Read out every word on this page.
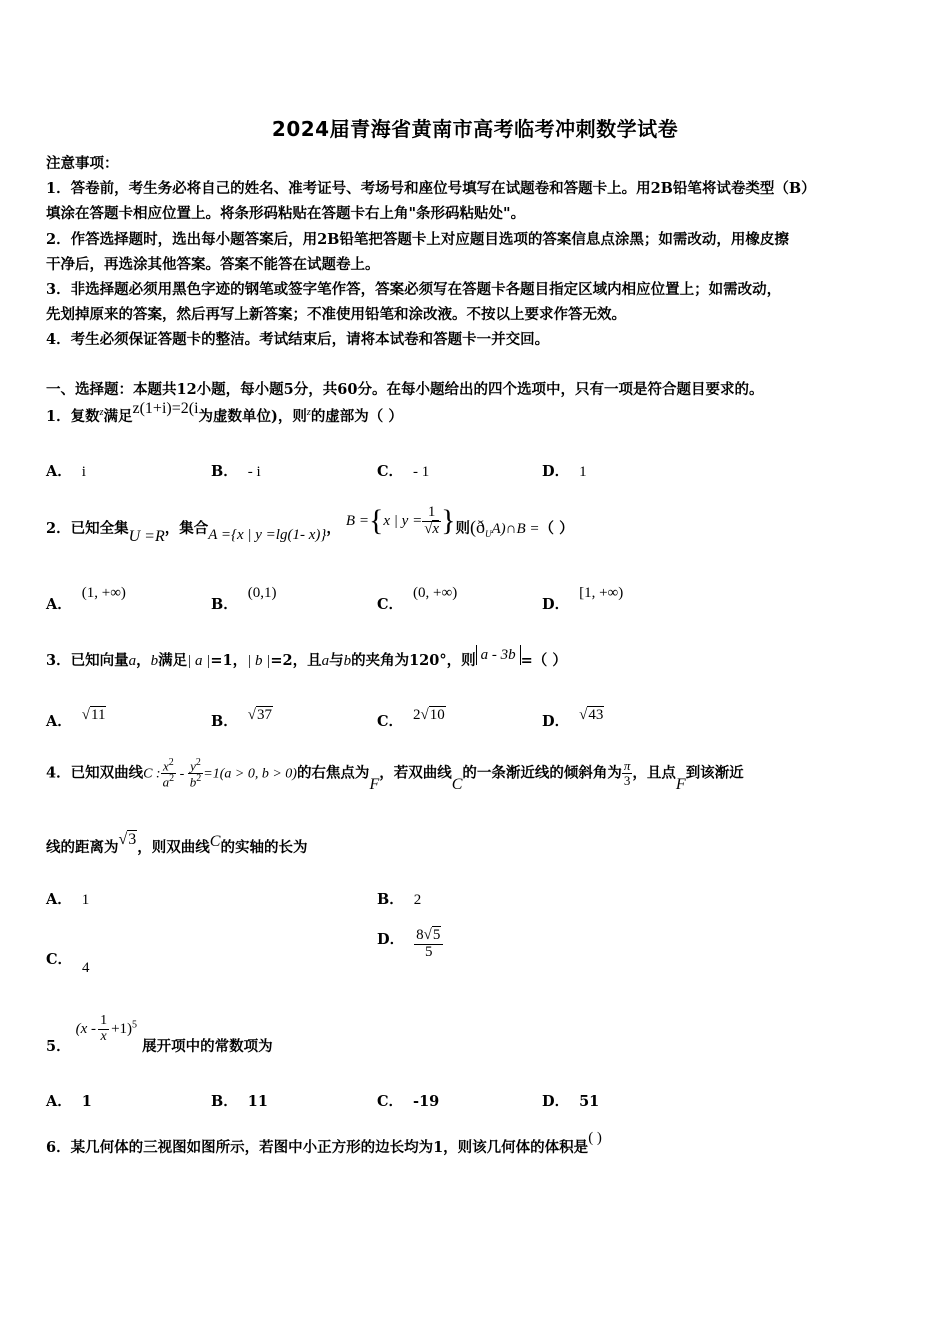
2024届青海省黄南市高考临考冲刺数学试卷
注意事项：
1．答卷前，考生务必将自己的姓名、准考证号、考场号和座位号填写在试题卷和答题卡上。用2B铅笔将试卷类型（B）
填涂在答题卡相应位置上。将条形码粘贴在答题卡右上角"条形码粘贴处"。
2．作答选择题时，选出每小题答案后，用2B铅笔把答题卡上对应题目选项的答案信息点涂黑；如需改动，用橡皮擦
干净后，再选涂其他答案。答案不能答在试题卷上。
3．非选择题必须用黑色字迹的钢笔或签字笔作答，答案必须写在答题卡各题目指定区域内相应位置上；如需改动，
先划掉原来的答案，然后再写上新答案；不准使用铅笔和涂改液。不按以上要求作答无效。
4．考生必须保证答题卡的整洁。考试结束后，请将本试卷和答题卡一并交回。
一、选择题：本题共12小题，每小题5分，共60分。在每小题给出的四个选项中，只有一项是符合题目要求的。
1．复数$^z$满足z(1+i)=2(i为虚数单位)，则$^z$的虚部为（ ）
A． i	B． - i	C． - 1	D． 1
2．已知全集U =R，集合A ={x | y =lg(1- x)}， B ={x | $y = \frac{1}{√x}$ }则$(ð_UA)\cap B$ =（ ）
A．(1, +∞)
B．(0,1)
C．(0, +∞)
D．[1, +∞)
3．已知向量a，b满足| a |=1，| b |=2，且a与b的夹角为120°，则 a - 3b =（ ）
A． √11	B． √37	C． 2√10	D． √43
4．已知双曲线C : $\frac{x^2}{a^2} - \frac{y^2}{b^2} =1(a > 0$, b > 0)的右焦点为F，若双曲线C的一条渐近线的倾斜角为 $\frac{\pi}{3}$ ，且点F到该渐近
线的距离为√3，则双曲线C的实轴的长为
A． 1	B． 2
C． 4
D． $\frac{8√5}{5}$
5． $(x - \frac{1}{x} +1)^5$ 展开项中的常数项为
A． 1	B． 11	C． -19	D． 51
6．某几何体的三视图如图所示，若图中小正方形的边长均为1，则该几何体的体积是( )
